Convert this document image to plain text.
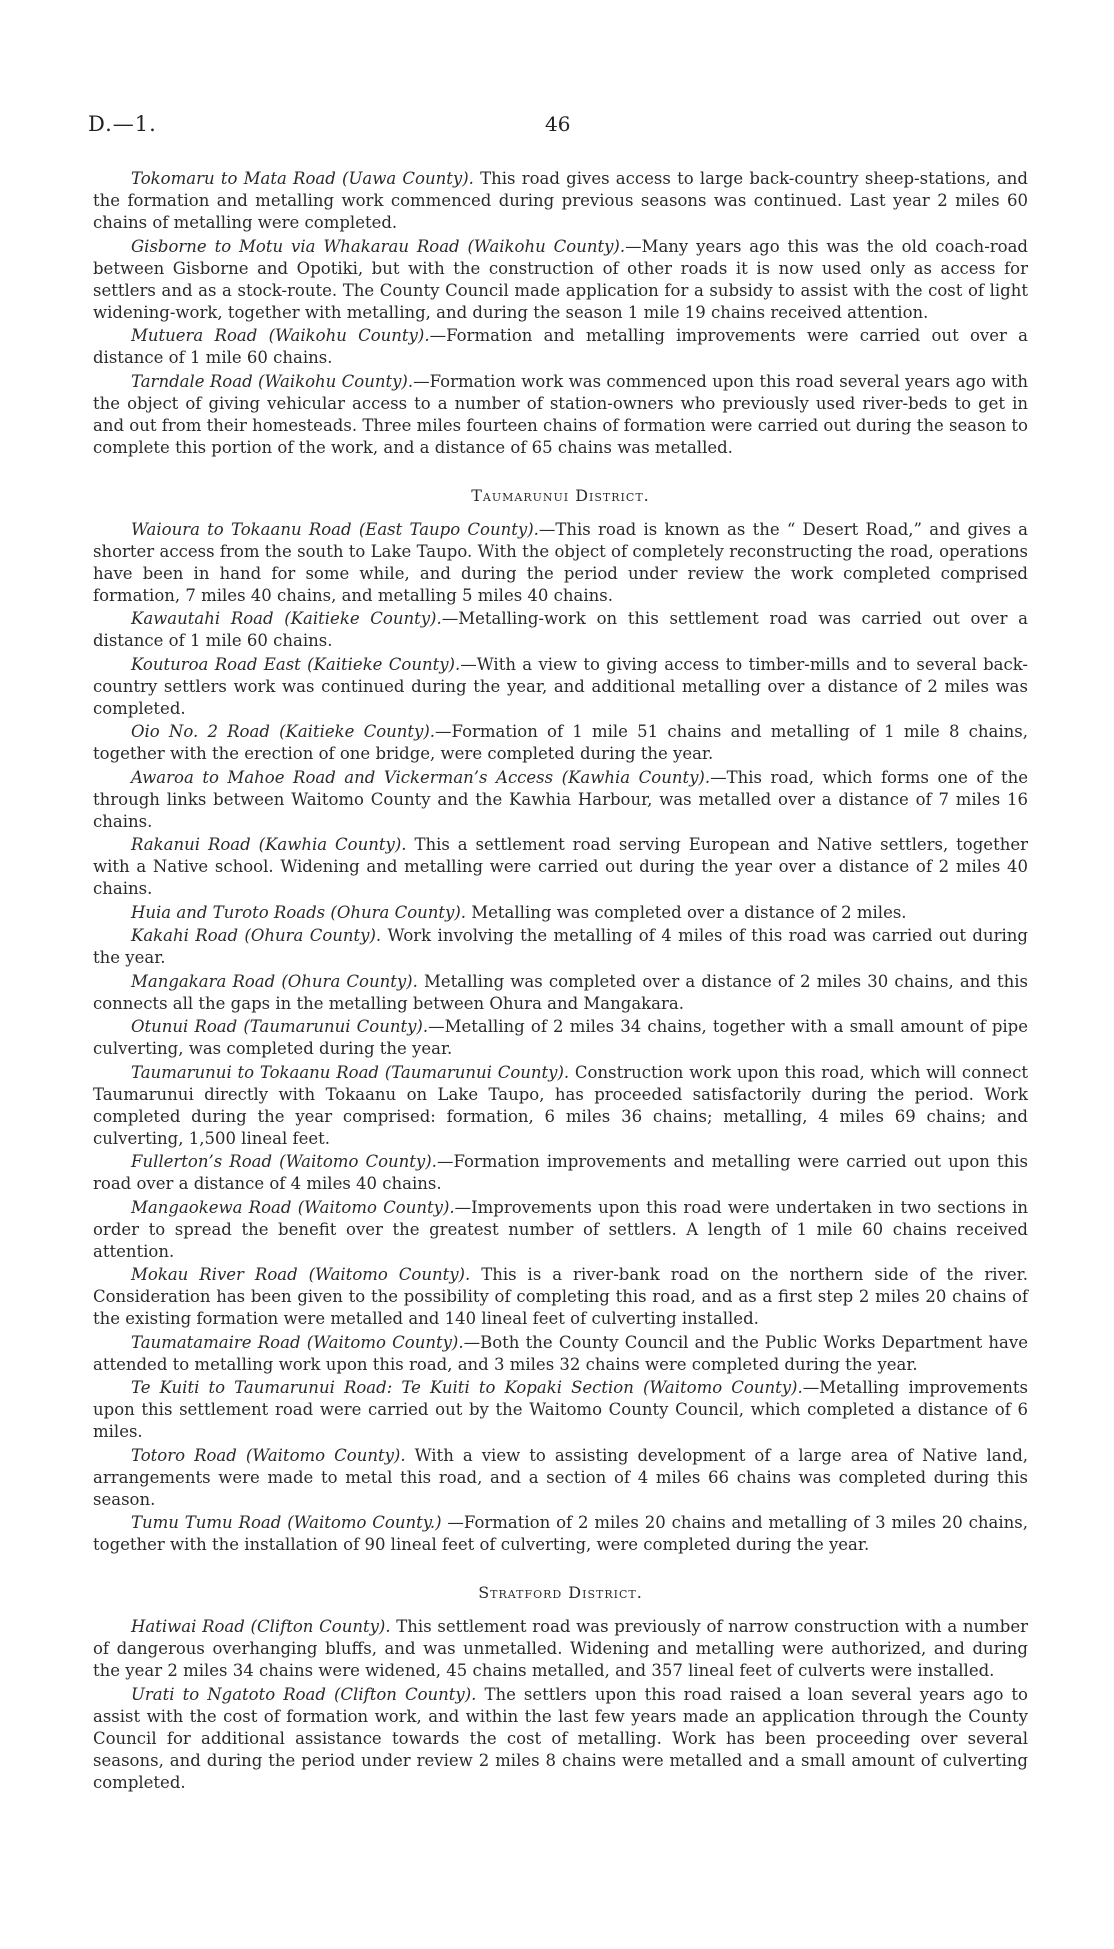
D.—1.	46

Tokomaru to Mata Road (Uawa County). This road gives access to large back-country sheep-stations, and the formation and metalling work commenced during previous seasons was continued. Last year 2 miles 60 chains of metalling were completed.

Gisborne to Motu via Whakarau Road (Waikohu County).—Many years ago this was the old coach-road between Gisborne and Opotiki, but with the construction of other roads it is now used only as access for settlers and as a stock-route. The County Council made application for a subsidy to assist with the cost of light widening-work, together with metalling, and during the season 1 mile 19 chains received attention.

Mutuera Road (Waikohu County).—Formation and metalling improvements were carried out over a distance of 1 mile 60 chains.

Tarndale Road (Waikohu County).—Formation work was commenced upon this road several years ago with the object of giving vehicular access to a number of station-owners who previously used river-beds to get in and out from their homesteads. Three miles fourteen chains of formation were carried out during the season to complete this portion of the work, and a distance of 65 chains was metalled.

Taumarunui District.

Waioura to Tokaanu Road (East Taupo County).—This road is known as the “ Desert Road,” and gives a shorter access from the south to Lake Taupo. With the object of completely reconstructing the road, operations have been in hand for some while, and during the period under review the work completed comprised formation, 7 miles 40 chains, and metalling 5 miles 40 chains.

Kawautahi Road (Kaitieke County).—Metalling-work on this settlement road was carried out over a distance of 1 mile 60 chains.

Kouturoa Road East (Kaitieke County).—With a view to giving access to timber-mills and to several back-country settlers work was continued during the year, and additional metalling over a distance of 2 miles was completed.

Oio No. 2 Road (Kaitieke County).—Formation of 1 mile 51 chains and metalling of 1 mile 8 chains, together with the erection of one bridge, were completed during the year.

Awaroa to Mahoe Road and Vickerman’s Access (Kawhia County).—This road, which forms one of the through links between Waitomo County and the Kawhia Harbour, was metalled over a distance of 7 miles 16 chains.

Rakanui Road (Kawhia County). This a settlement road serving European and Native settlers, together with a Native school. Widening and metalling were carried out during the year over a distance of 2 miles 40 chains.

Huia and Turoto Roads (Ohura County). Metalling was completed over a distance of 2 miles.

Kakahi Road (Ohura County). Work involving the metalling of 4 miles of this road was carried out during the year.

Mangakara Road (Ohura County). Metalling was completed over a distance of 2 miles 30 chains, and this connects all the gaps in the metalling between Ohura and Mangakara.

Otunui Road (Taumarunui County).—Metalling of 2 miles 34 chains, together with a small amount of pipe culverting, was completed during the year.

Taumarunui to Tokaanu Road (Taumarunui County). Construction work upon this road, which will connect Taumarunui directly with Tokaanu on Lake Taupo, has proceeded satisfactorily during the period. Work completed during the year comprised: formation, 6 miles 36 chains; metalling, 4 miles 69 chains; and culverting, 1,500 lineal feet.

Fullerton’s Road (Waitomo County).—Formation improvements and metalling were carried out upon this road over a distance of 4 miles 40 chains.

Mangaokewa Road (Waitomo County).—Improvements upon this road were undertaken in two sections in order to spread the benefit over the greatest number of settlers. A length of 1 mile 60 chains received attention.

Mokau River Road (Waitomo County). This is a river-bank road on the northern side of the river. Consideration has been given to the possibility of completing this road, and as a first step 2 miles 20 chains of the existing formation were metalled and 140 lineal feet of culverting installed.

Taumatamaire Road (Waitomo County).—Both the County Council and the Public Works Department have attended to metalling work upon this road, and 3 miles 32 chains were completed during the year.

Te Kuiti to Taumarunui Road: Te Kuiti to Kopaki Section (Waitomo County).—Metalling improvements upon this settlement road were carried out by the Waitomo County Council, which completed a distance of 6 miles.

Totoro Road (Waitomo County). With a view to assisting development of a large area of Native land, arrangements were made to metal this road, and a section of 4 miles 66 chains was completed during this season.

Tumu Tumu Road (Waitomo County.) —Formation of 2 miles 20 chains and metalling of 3 miles 20 chains, together with the installation of 90 lineal feet of culverting, were completed during the year.

Stratford District.

Hatiwai Road (Clifton County). This settlement road was previously of narrow construction with a number of dangerous overhanging bluffs, and was unmetalled. Widening and metalling were authorized, and during the year 2 miles 34 chains were widened, 45 chains metalled, and 357 lineal feet of culverts were installed.

Urati to Ngatoto Road (Clifton County). The settlers upon this road raised a loan several years ago to assist with the cost of formation work, and within the last few years made an application through the County Council for additional assistance towards the cost of metalling. Work has been proceeding over several seasons, and during the period under review 2 miles 8 chains were metalled and a small amount of culverting completed.
